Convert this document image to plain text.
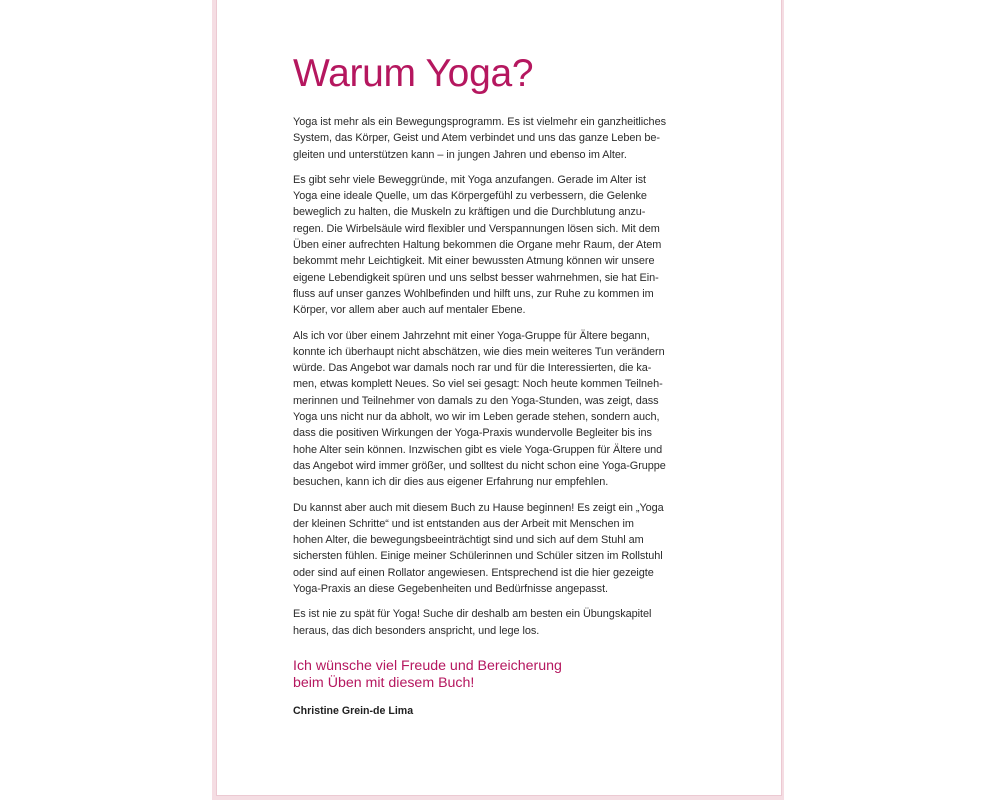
Warum Yoga?

Yoga ist mehr als ein Bewegungsprogramm. Es ist vielmehr ein ganzheitliches
System, das Körper, Geist und Atem verbindet und uns das ganze Leben be-
gleiten und unterstützen kann – in jungen Jahren und ebenso im Alter.

Es gibt sehr viele Beweggründe, mit Yoga anzufangen. Gerade im Alter ist
Yoga eine ideale Quelle, um das Körpergefühl zu verbessern, die Gelenke
beweglich zu halten, die Muskeln zu kräftigen und die Durchblutung anzu-
regen. Die Wirbelsäule wird flexibler und Verspannungen lösen sich. Mit dem
Üben einer aufrechten Haltung bekommen die Organe mehr Raum, der Atem
bekommt mehr Leichtigkeit. Mit einer bewussten Atmung können wir unsere
eigene Lebendigkeit spüren und uns selbst besser wahrnehmen, sie hat Ein-
fluss auf unser ganzes Wohlbefinden und hilft uns, zur Ruhe zu kommen im
Körper, vor allem aber auch auf mentaler Ebene.

Als ich vor über einem Jahrzehnt mit einer Yoga-Gruppe für Ältere begann,
konnte ich überhaupt nicht abschätzen, wie dies mein weiteres Tun verändern
würde. Das Angebot war damals noch rar und für die Interessierten, die ka-
men, etwas komplett Neues. So viel sei gesagt: Noch heute kommen Teilneh-
merinnen und Teilnehmer von damals zu den Yoga-Stunden, was zeigt, dass
Yoga uns nicht nur da abholt, wo wir im Leben gerade stehen, sondern auch,
dass die positiven Wirkungen der Yoga-Praxis wundervolle Begleiter bis ins
hohe Alter sein können. Inzwischen gibt es viele Yoga-Gruppen für Ältere und
das Angebot wird immer größer, und solltest du nicht schon eine Yoga-Gruppe
besuchen, kann ich dir dies aus eigener Erfahrung nur empfehlen.

Du kannst aber auch mit diesem Buch zu Hause beginnen! Es zeigt ein „Yoga
der kleinen Schritte“ und ist entstanden aus der Arbeit mit Menschen im
hohen Alter, die bewegungsbeeinträchtigt sind und sich auf dem Stuhl am
sichersten fühlen. Einige meiner Schülerinnen und Schüler sitzen im Rollstuhl
oder sind auf einen Rollator angewiesen. Entsprechend ist die hier gezeigte
Yoga-Praxis an diese Gegebenheiten und Bedürfnisse angepasst.

Es ist nie zu spät für Yoga! Suche dir deshalb am besten ein Übungskapitel
heraus, das dich besonders anspricht, und lege los.

Ich wünsche viel Freude und Bereicherung
beim Üben mit diesem Buch!

Christine Grein-de Lima
